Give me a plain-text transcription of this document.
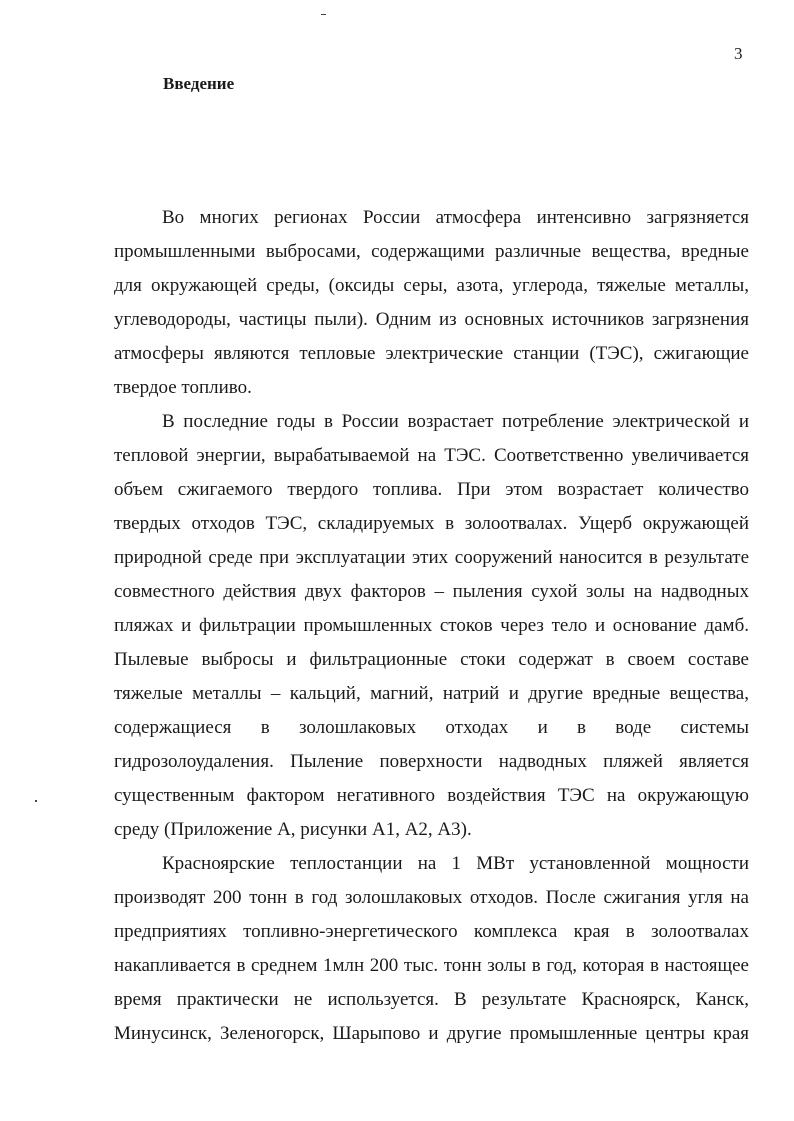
3
Введение
Во многих регионах России атмосфера интенсивно загрязняется
промышленными выбросами, содержащими различные вещества, вредные
для окружающей среды, (оксиды серы, азота, углерода, тяжелые металлы,
углеводороды, частицы пыли). Одним из основных источников загрязнения
атмосферы являются тепловые электрические станции (ТЭС), сжигающие
твердое топливо.
В последние годы в России возрастает потребление электрической и
тепловой энергии, вырабатываемой на ТЭС. Соответственно увеличивается
объем сжигаемого твердого топлива. При этом возрастает количество
твердых отходов ТЭС, складируемых в золоотвалах. Ущерб окружающей
природной среде при эксплуатации этих сооружений наносится в результате
совместного действия двух факторов – пыления сухой золы на надводных
пляжах и фильтрации промышленных стоков через тело и основание дамб.
Пылевые выбросы и фильтрационные стоки содержат в своем составе
тяжелые металлы – кальций, магний, натрий и другие вредные вещества,
содержащиеся в золошлаковых отходах и в воде системы
гидрозолоудаления. Пыление поверхности надводных пляжей является
существенным фактором негативного воздействия ТЭС на окружающую
среду (Приложение А, рисунки А1, А2, А3).
Красноярские теплостанции на 1 МВт установленной мощности
производят 200 тонн в год золошлаковых отходов. После сжигания угля на
предприятиях топливно-энергетического комплекса края в золоотвалах
накапливается в среднем 1млн 200 тыс. тонн золы в год, которая в настоящее
время практически не используется. В результате Красноярск, Канск,
Минусинск, Зеленогорск, Шарыпово и другие промышленные центры края
